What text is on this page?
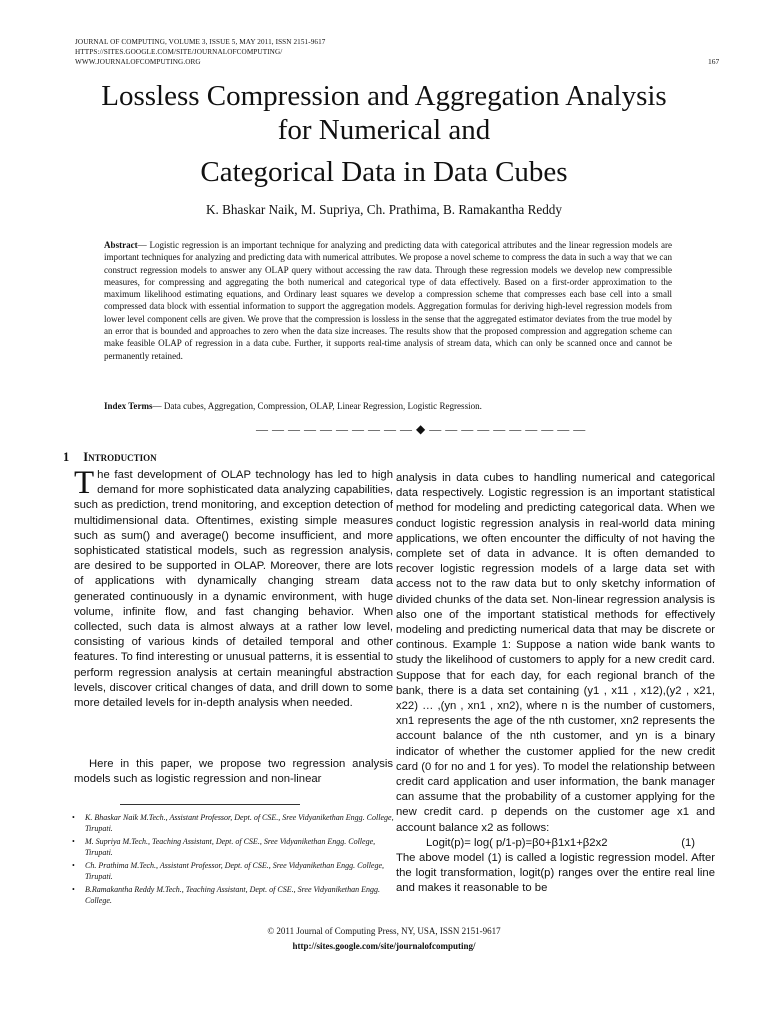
JOURNAL OF COMPUTING, VOLUME 3, ISSUE 5, MAY 2011, ISSN 2151-9617
HTTPS://SITES.GOOGLE.COM/SITE/JOURNALOFCOMPUTING/
WWW.JOURNALOFCOMPUTING.ORG	167
Lossless Compression and Aggregation Analysis
for Numerical and
Categorical Data in Data Cubes
K. Bhaskar Naik, M. Supriya, Ch. Prathima, B. Ramakantha Reddy
Abstract— Logistic regression is an important technique for analyzing and predicting data with categorical attributes and the linear regression models are important techniques for analyzing and predicting data with numerical attributes. We propose a novel scheme to compress the data in such a way that we can construct regression models to answer any OLAP query without accessing the raw data. Through these regression models we develop new compressible measures, for compressing and aggregating the both numerical and categorical type of data effectively. Based on a first-order approximation to the maximum likelihood estimating equations, and Ordinary least squares we develop a compression scheme that compresses each base cell into a small compressed data block with essential information to support the aggregation models. Aggregation formulas for deriving high-level regression models from lower level component cells are given. We prove that the compression is lossless in the sense that the aggregated estimator deviates from the true model by an error that is bounded and approaches to zero when the data size increases. The results show that the proposed compression and aggregation scheme can make feasible OLAP of regression in a data cube. Further, it supports real-time analysis of stream data, which can only be scanned once and cannot be permanently retained.
Index Terms— Data cubes, Aggregation, Compression, OLAP, Linear Regression, Logistic Regression.
— — — — — — — — — — ◆ — — — — — — — — — —
1 Introduction
The fast development of OLAP technology has led to high demand for more sophisticated data analyzing capabilities, such as prediction, trend monitoring, and exception detection of multidimensional data. Oftentimes, existing simple measures such as sum() and average() become insufficient, and more sophisticated statistical models, such as regression analysis, are desired to be supported in OLAP. Moreover, there are lots of applications with dynamically changing stream data generated continuously in a dynamic environment, with huge volume, infinite flow, and fast changing behavior. When collected, such data is almost always at a rather low level, consisting of various kinds of detailed temporal and other features. To find interesting or unusual patterns, it is essential to perform regression analysis at certain meaningful abstraction levels, discover critical changes of data, and drill down to some more detailed levels for in-depth analysis when needed.
Here in this paper, we propose two regression analysis models such as logistic regression and non-linear
• K. Bhaskar Naik M.Tech., Assistant Professor, Dept. of CSE., Sree Vidyanikethan Engg. College, Tirupati.
• M. Supriya M.Tech., Teaching Assistant, Dept. of CSE., Sree Vidyanikethan Engg. College, Tirupati.
• Ch. Prathima M.Tech., Assistant Professor, Dept. of CSE., Sree Vidyanikethan Engg. College, Tirupati.
• B.Ramakantha Reddy M.Tech., Teaching Assistant, Dept. of CSE., Sree Vidyanikethan Engg. College.
analysis in data cubes to handling numerical and categorical data respectively. Logistic regression is an important statistical method for modeling and predicting categorical data. When we conduct logistic regression analysis in real-world data mining applications, we often encounter the difficulty of not having the complete set of data in advance. It is often demanded to recover logistic regression models of a large data set with access not to the raw data but to only sketchy information of divided chunks of the data set. Non-linear regression analysis is also one of the important statistical methods for effectively modeling and predicting numerical data that may be discrete or continous. Example 1: Suppose a nation wide bank wants to study the likelihood of customers to apply for a new credit card. Suppose that for each day, for each regional branch of the bank, there is a data set containing (y1 , x11 , x12),(y2 , x21, x22) … ,(yn , xn1 , xn2), where n is the number of customers, xn1 represents the age of the nth customer, xn2 represents the account balance of the nth customer, and yn is a binary indicator of whether the customer applied for the new credit card (0 for no and 1 for yes). To model the relationship between credit card application and user information, the bank manager can assume that the probability of a customer applying for the new credit card. p depends on the customer age x1 and account balance x2 as follows:
Logit(p)= log( p/1-p)=β0+β1x1+β2x2	(1)
The above model (1) is called a logistic regression model. After the logit transformation, logit(p) ranges over the entire real line and makes it reasonable to be
© 2011 Journal of Computing Press, NY, USA, ISSN 2151-9617
http://sites.google.com/site/journalofcomputing/
